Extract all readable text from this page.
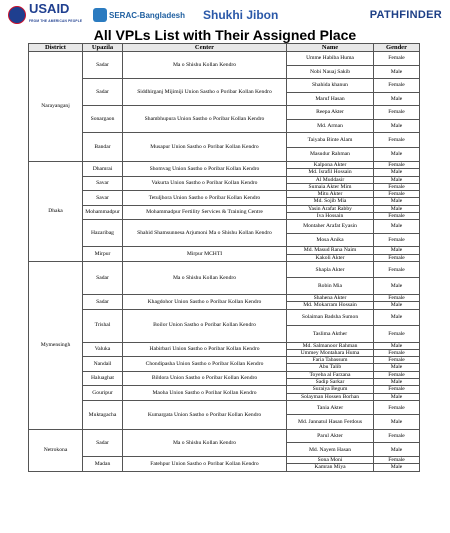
USAID
FROM THE AMERICAN PEOPLE
SERAC-Bangladesh Shukhi Jibon	PATHFINDER
All VPLs List with Their Assigned Place
District	Upazila	Center	Name	Gender
Narayanganj	Sadar	Ma o Shishu Kollan Kendro	Umme Habiba Huma	Female
			Nobi Nauaj Sakib	Male
	Sadar	Siddhirganj Mijimiji Union Sastho o Poribar Kollan Kendro	Shahida khanun	Female
			Maruf Hasan	Male
	Sonargaon	Shambhupura Union Sastho o Poribar Kollan Kendro	Reepa Akter	Female
			Md. Arman	Male
	Bandar	Musapur Union Sastho o Poribar Kollan Kendro	Taiyaba Binte Alam	Female
			Masudur Rahman	Male
Dhaka	Dhamrai	Shomvag Union Sastho o Poribar Kollan Kendro	Kalpona Akter	Female
			Md. Israfil Hossain	Male
	Savar	Vakurta Union Sastho o Poribar Kollan Kendro	Al Muddasir	Male
			Sumaia Akter Mim	Female
	Savar	Tetuljhora Union Sastho o Poribar Kollan Kendro	Mitu Akter	Female
			Md. Sojib Mia	Male
	Mohammadpur	Mohammadpur Fertility Services & Training Centre	Yasin Arafat Rabby	Male
			Iva Hossain	Female
	Hazaribag	Shahid Shamsunnesa Arjumoni Ma o Shishu Kollan Kendro	Montaher Arafat Eyasin	Male
			Mosa Anika	Female
	Mirpur	Mirpur MCHTI	Md. Masud Rana Naim	Male
			Kakoli Akter	Female
Mymensingh	Sadar	Ma o Shishu Kollan Kendro	Shapla Akter	Female
			Robin Mia	Male
	Sadar	Khagdohor Union Sastho o Poribar Kollan Kendro	Shahena Akter	Female
			Md. Mokarram Hossain	Male
	Trishal	Boilor Union Sastho o Poribar Kollan Kendro	Solaiman Badsha Sumon	Male
			Taslima Akther	Female
	Valuka	Habirbari Union Sastho o Poribar Kollan Kendro	Md. Salmanoor Rahman	Male
			Ummey Montahara Huma	Female
	Nandail	Chondipasha Union Sastho o Poribar Kollan Kendro	Faria Tabassum	Female
			Abu Talib	Male
	Haluaghat	Bildora Union Sastho o Poribar Kollan Kendro	Toyeba al Farzana	Female
			Sadip Sarkar	Male
	Gouripur	Maoha Union Sastho o Poribar Kollan Kendro	Suraiya Begum	Female
			Solayman Hossen Borhan	Male
	Muktagacha	Kumargata Union Sastho o Poribar Kollan Kendro	Tania Akter	Female
			Md. Jannatul Hasan Ferdous	Male
Netrokona	Sadar	Ma o Shishu Kollan Kendro	Parul Akter	Female
			Md. Nayem Hasan	Male
	Madan	Fatehpur Union Sastho o Poribar Kollan Kendro	Sona Moni	Female
			Kamran Miya	Male
